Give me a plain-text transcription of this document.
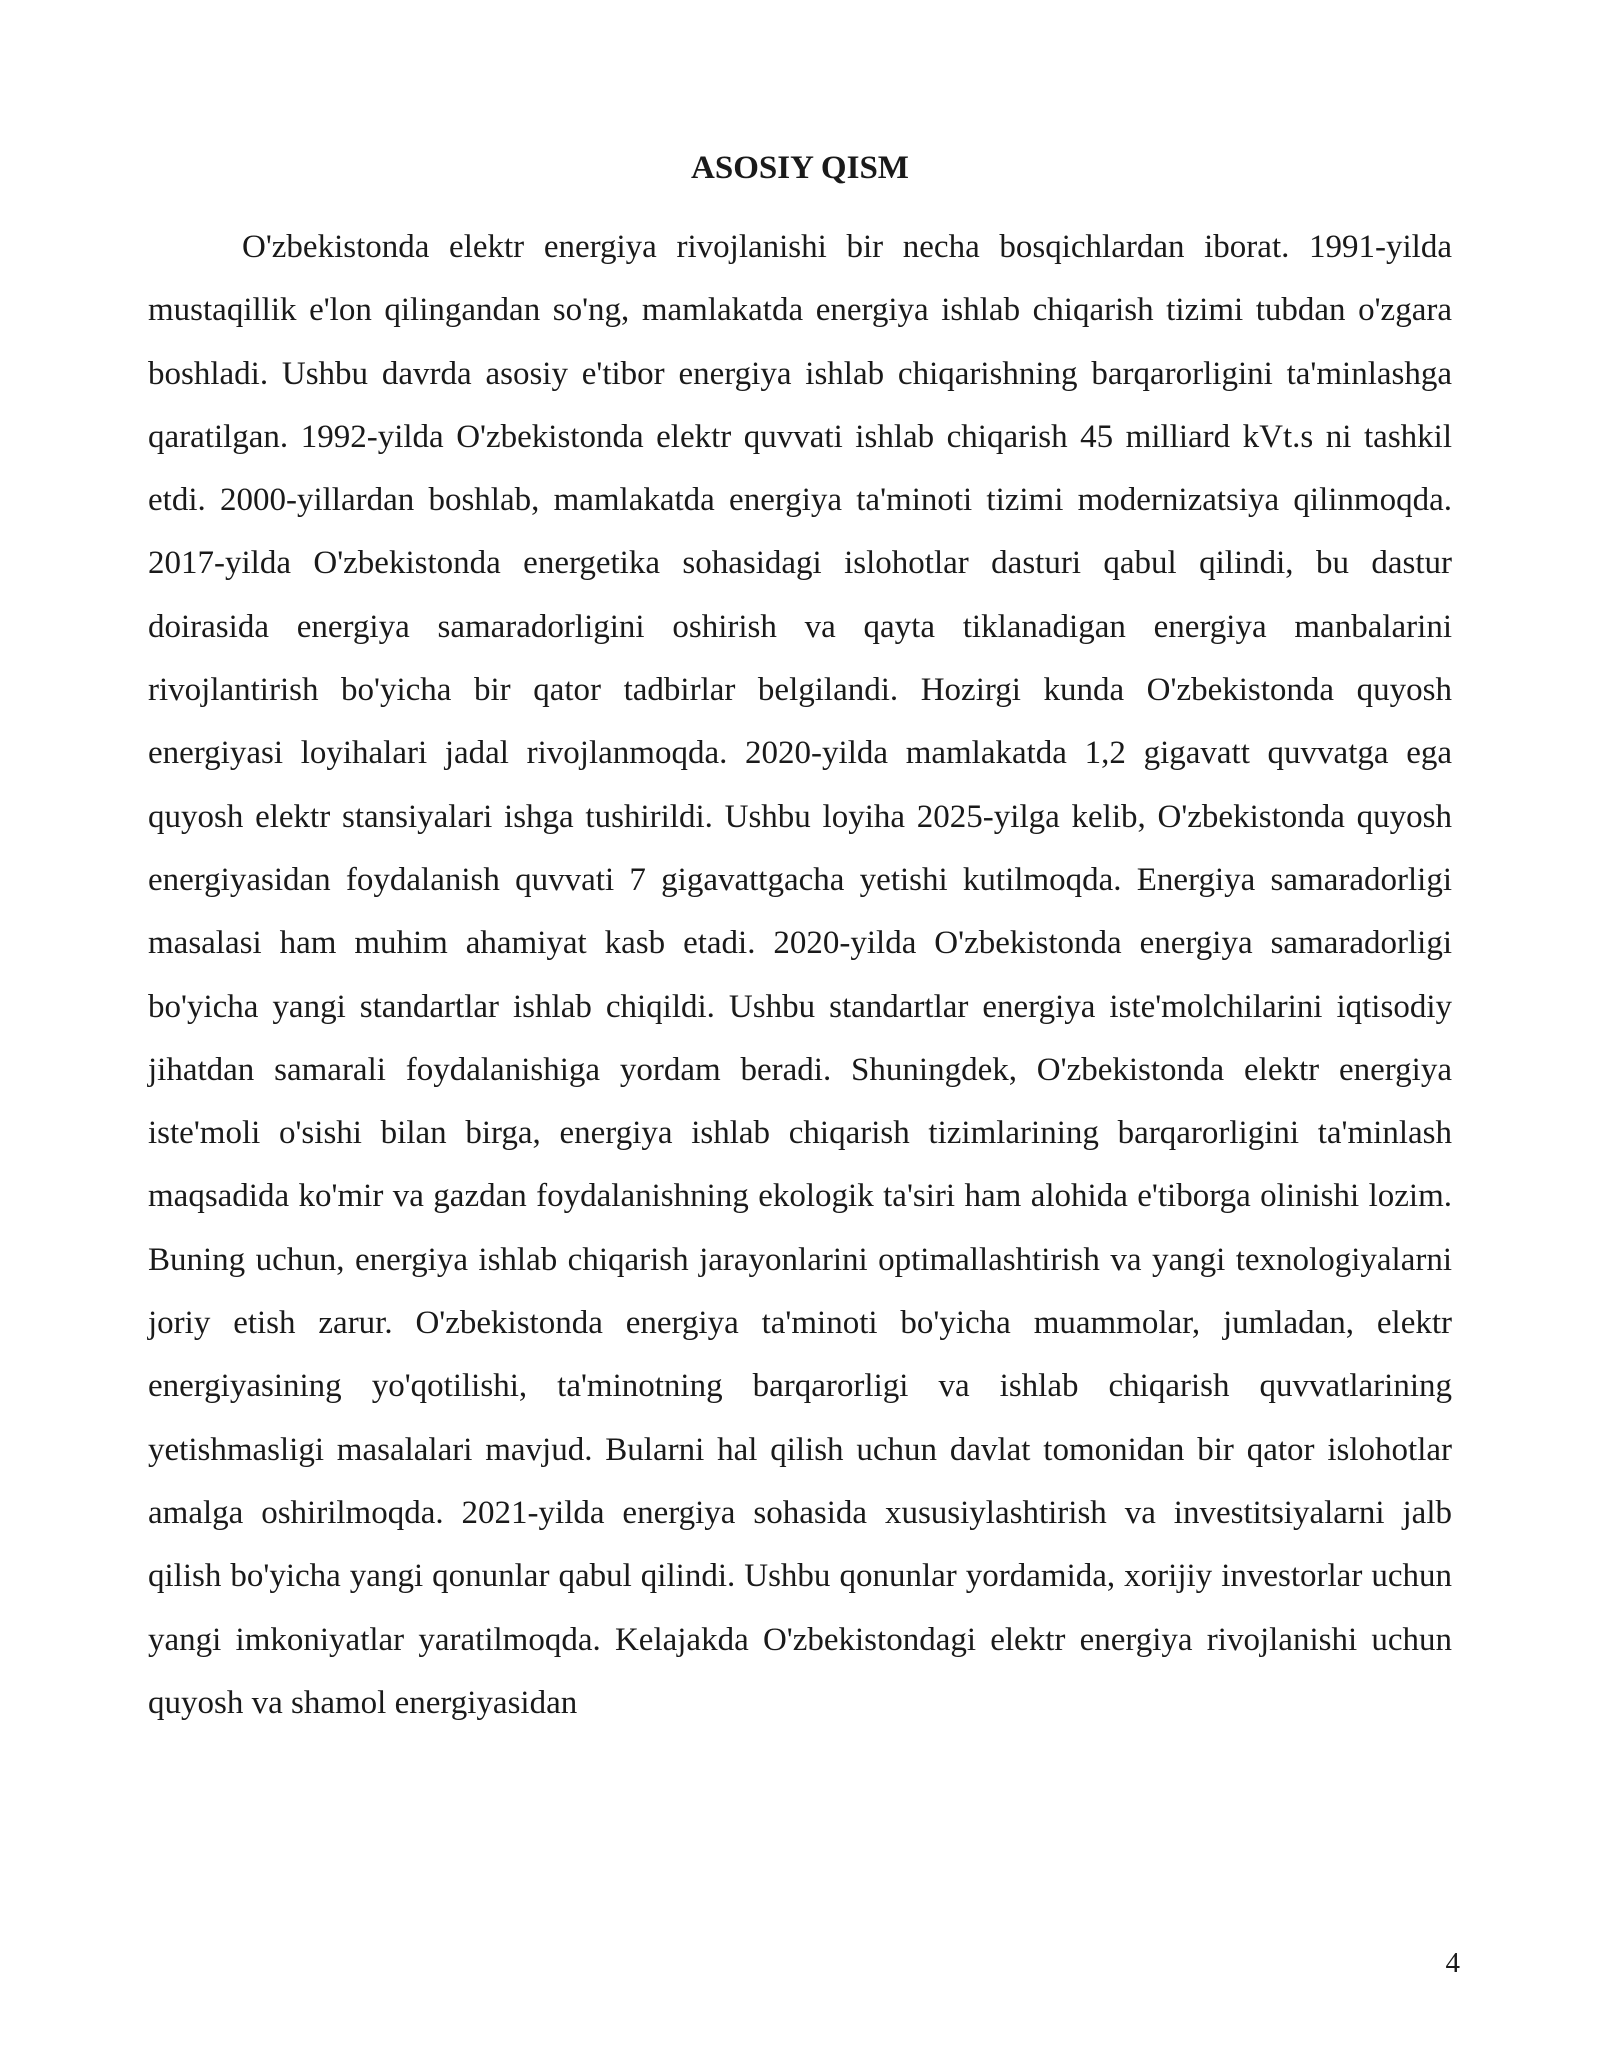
ASOSIY QISM

O'zbekistonda elektr energiya rivojlanishi bir necha bosqichlardan iborat. 1991-yilda mustaqillik e'lon qilingandan so'ng, mamlakatda energiya ishlab chiqarish tizimi tubdan o'zgara boshladi. Ushbu davrda asosiy e'tibor energiya ishlab chiqarishning barqarorligini ta'minlashga qaratilgan. 1992-yilda O'zbekistonda elektr quvvati ishlab chiqarish 45 milliard kVt.s ni tashkil etdi. 2000-yillardan boshlab, mamlakatda energiya ta'minoti tizimi modernizatsiya qilinmoqda. 2017-yilda O'zbekistonda energetika sohasidagi islohotlar dasturi qabul qilindi, bu dastur doirasida energiya samaradorligini oshirish va qayta tiklanadigan energiya manbalarini rivojlantirish bo'yicha bir qator tadbirlar belgilandi. Hozirgi kunda O'zbekistonda quyosh energiyasi loyihalari jadal rivojlanmoqda. 2020-yilda mamlakatda 1,2 gigavatt quvvatga ega quyosh elektr stansiyalari ishga tushirildi. Ushbu loyiha 2025-yilga kelib, O'zbekistonda quyosh energiyasidan foydalanish quvvati 7 gigavattgacha yetishi kutilmoqda. Energiya samaradorligi masalasi ham muhim ahamiyat kasb etadi. 2020-yilda O'zbekistonda energiya samaradorligi bo'yicha yangi standartlar ishlab chiqildi. Ushbu standartlar energiya iste'molchilarini iqtisodiy jihatdan samarali foydalanishiga yordam beradi. Shuningdek, O'zbekistonda elektr energiya iste'moli o'sishi bilan birga, energiya ishlab chiqarish tizimlarining barqarorligini ta'minlash maqsadida ko'mir va gazdan foydalanishning ekologik ta'siri ham alohida e'tiborga olinishi lozim. Buning uchun, energiya ishlab chiqarish jarayonlarini optimallashtirish va yangi texnologiyalarni joriy etish zarur. O'zbekistonda energiya ta'minoti bo'yicha muammolar, jumladan, elektr energiyasining yo'qotilishi, ta'minotning barqarorligi va ishlab chiqarish quvvatlarining yetishmasligi masalalari mavjud. Bularni hal qilish uchun davlat tomonidan bir qator islohotlar amalga oshirilmoqda. 2021-yilda energiya sohasida xususiylashtirish va investitsiyalarni jalb qilish bo'yicha yangi qonunlar qabul qilindi. Ushbu qonunlar yordamida, xorijiy investorlar uchun yangi imkoniyatlar yaratilmoqda. Kelajakda O'zbekistondagi elektr energiya rivojlanishi uchun quyosh va shamol energiyasidan

4
